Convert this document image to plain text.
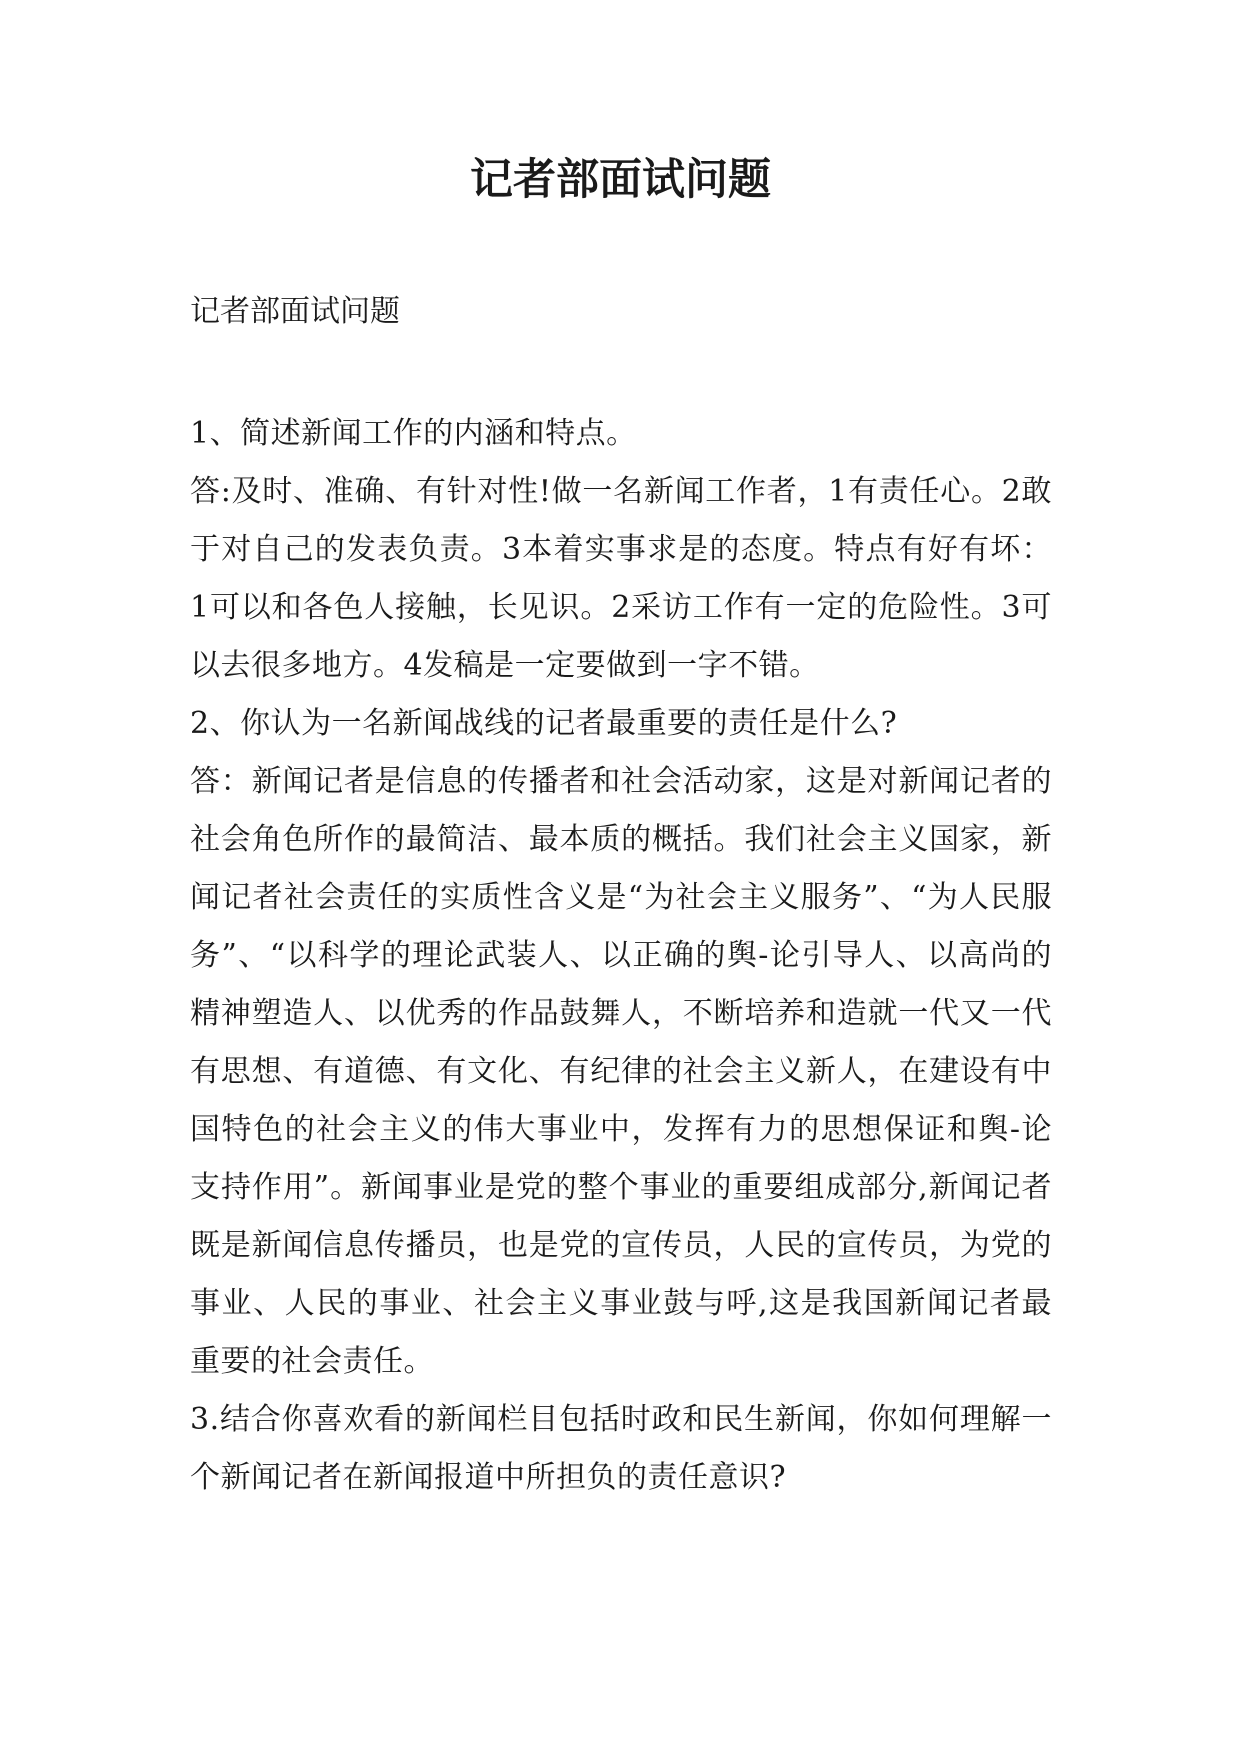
记者部面试问题

记者部面试问题

1、简述新闻工作的内涵和特点。

答:及时、准确、有针对性!做一名新闻工作者，1有责任心。2敢于对自己的发表负责。3本着实事求是的态度。特点有好有坏：1可以和各色人接触，长见识。2采访工作有一定的危险性。3可以去很多地方。4发稿是一定要做到一字不错。

2、你认为一名新闻战线的记者最重要的责任是什么?

答：新闻记者是信息的传播者和社会活动家，这是对新闻记者的社会角色所作的最简洁、最本质的概括。我们社会主义国家，新闻记者社会责任的实质性含义是“为社会主义服务”、“为人民服务”、“以科学的理论武装人、以正确的舆-论引导人、以高尚的精神塑造人、以优秀的作品鼓舞人，不断培养和造就一代又一代有思想、有道德、有文化、有纪律的社会主义新人，在建设有中国特色的社会主义的伟大事业中，发挥有力的思想保证和舆-论支持作用”。新闻事业是党的整个事业的重要组成部分,新闻记者既是新闻信息传播员，也是党的宣传员，人民的宣传员，为党的事业、人民的事业、社会主义事业鼓与呼,这是我国新闻记者最重要的社会责任。

3.结合你喜欢看的新闻栏目包括时政和民生新闻，你如何理解一个新闻记者在新闻报道中所担负的责任意识?
